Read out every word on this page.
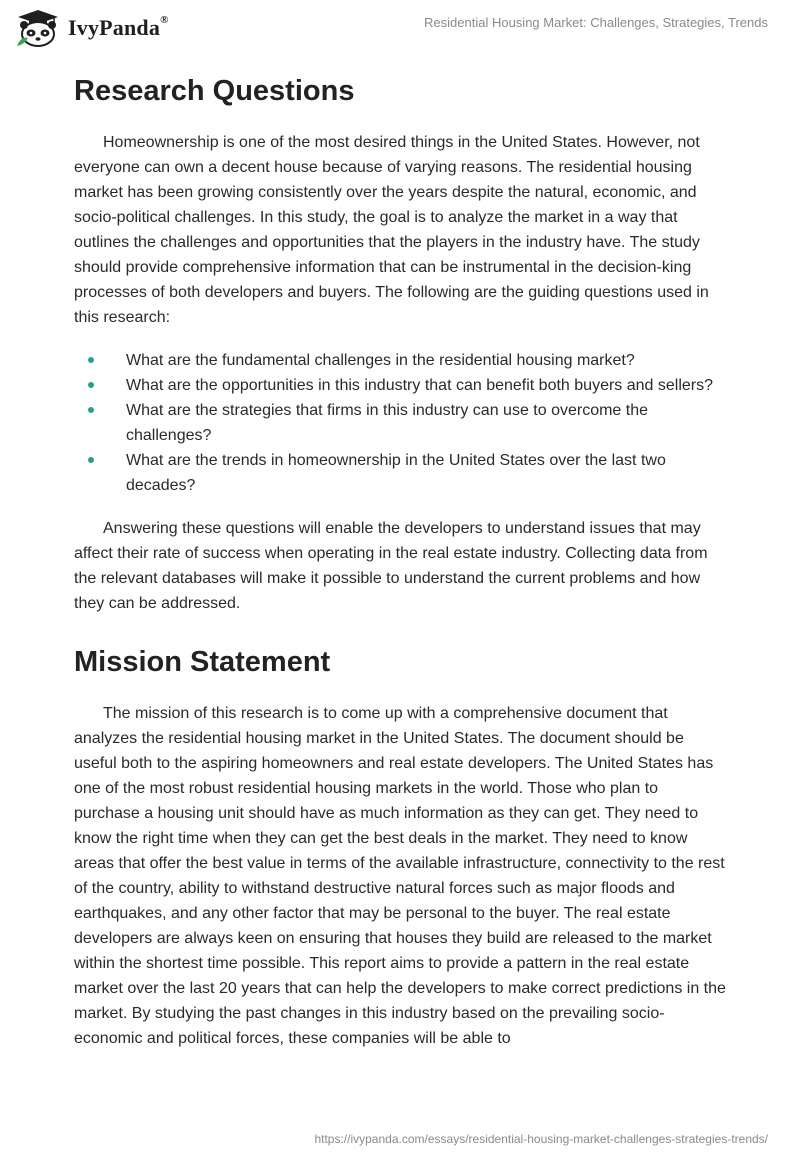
IvyPanda®	Residential Housing Market: Challenges, Strategies, Trends
Research Questions

Homeownership is one of the most desired things in the United States. However, not everyone can own a decent house because of varying reasons. The residential housing market has been growing consistently over the years despite the natural, economic, and socio-political challenges. In this study, the goal is to analyze the market in a way that outlines the challenges and opportunities that the players in the industry have. The study should provide comprehensive information that can be instrumental in the decision-king processes of both developers and buyers. The following are the guiding questions used in this research:

What are the fundamental challenges in the residential housing market?
What are the opportunities in this industry that can benefit both buyers and sellers?
What are the strategies that firms in this industry can use to overcome the challenges?
What are the trends in homeownership in the United States over the last two decades?

Answering these questions will enable the developers to understand issues that may affect their rate of success when operating in the real estate industry. Collecting data from the relevant databases will make it possible to understand the current problems and how they can be addressed.

Mission Statement

The mission of this research is to come up with a comprehensive document that analyzes the residential housing market in the United States. The document should be useful both to the aspiring homeowners and real estate developers. The United States has one of the most robust residential housing markets in the world. Those who plan to purchase a housing unit should have as much information as they can get. They need to know the right time when they can get the best deals in the market. They need to know areas that offer the best value in terms of the available infrastructure, connectivity to the rest of the country, ability to withstand destructive natural forces such as major floods and earthquakes, and any other factor that may be personal to the buyer. The real estate developers are always keen on ensuring that houses they build are released to the market within the shortest time possible. This report aims to provide a pattern in the real estate market over the last 20 years that can help the developers to make correct predictions in the market. By studying the past changes in this industry based on the prevailing socio-economic and political forces, these companies will be able to

https://ivypanda.com/essays/residential-housing-market-challenges-strategies-trends/
